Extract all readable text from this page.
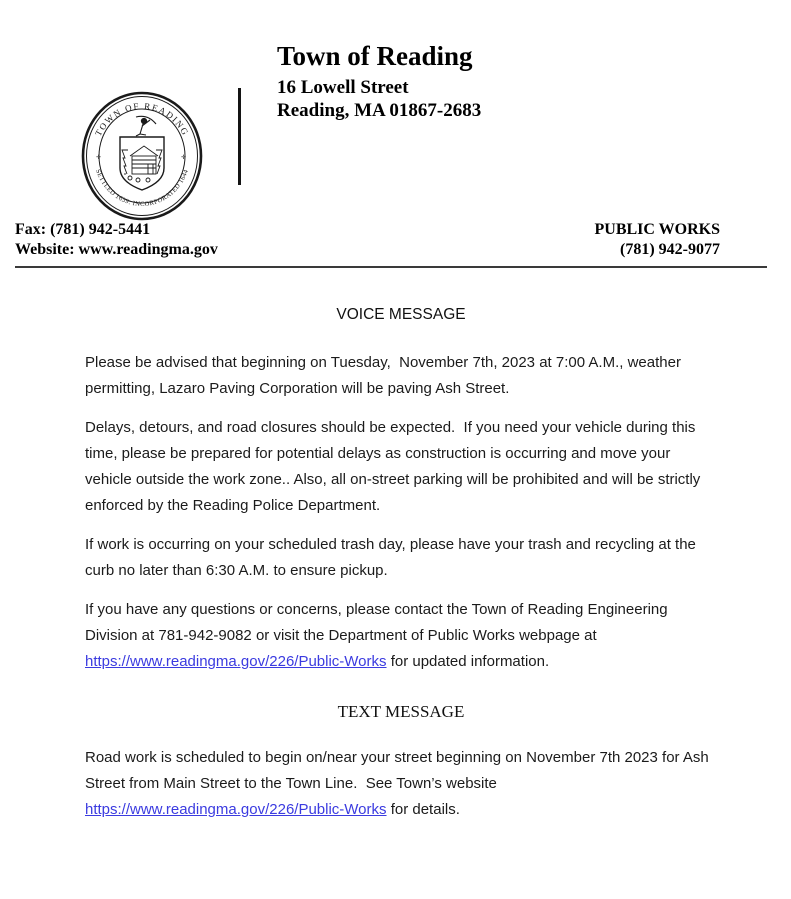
TOWN OF READING
SETTLED 1639: INCORPORATED 1644
✛	✛
Town of Reading
16 Lowell Street
Reading, MA 01867-2683
Fax: (781) 942-5441
Website: www.readingma.gov
PUBLIC WORKS
(781) 942-9077
VOICE MESSAGE

Please be advised that beginning on Tuesday,  November 7th, 2023 at 7:00 A.M., weather permitting, Lazaro Paving Corporation will be paving Ash Street.

Delays, detours, and road closures should be expected.  If you need your vehicle during this time, please be prepared for potential delays as construction is occurring and move your vehicle outside the work zone.. Also, all on-street parking will be prohibited and will be strictly enforced by the Reading Police Department.

If work is occurring on your scheduled trash day, please have your trash and recycling at the curb no later than 6:30 A.M. to ensure pickup.

If you have any questions or concerns, please contact the Town of Reading Engineering Division at 781-942-9082 or visit the Department of Public Works webpage at https://www.readingma.gov/226/Public-Works for updated information.

TEXT MESSAGE

Road work is scheduled to begin on/near your street beginning on November 7th 2023 for Ash Street from Main Street to the Town Line.  See Town’s website https://www.readingma.gov/226/Public-Works for details.
